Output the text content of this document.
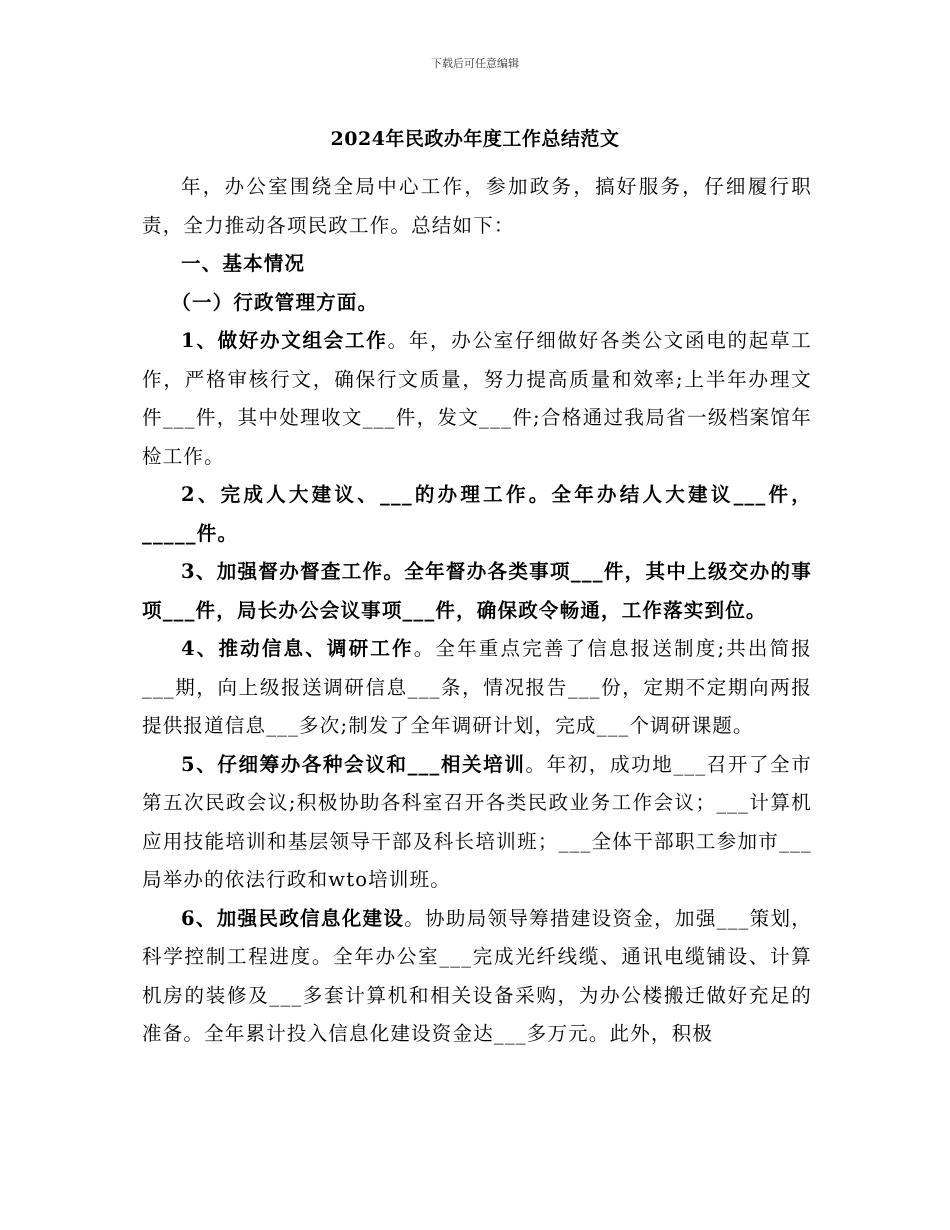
下载后可任意编辑
2024年民政办年度工作总结范文

年，办公室围绕全局中心工作，参加政务，搞好服务，仔细履行职责，全力推动各项民政工作。总结如下：

一、基本情况

（一）行政管理方面。

1、做好办文组会工作。年，办公室仔细做好各类公文函电的起草工作，严格审核行文，确保行文质量，努力提高质量和效率;上半年办理文件___件，其中处理收文___件，发文___件;合格通过我局省一级档案馆年检工作。

2、完成人大建议、___的办理工作。全年办结人大建议___件，_____件。

3、加强督办督查工作。全年督办各类事项___件，其中上级交办的事项___件，局长办公会议事项___件，确保政令畅通，工作落实到位。

4、推动信息、调研工作。全年重点完善了信息报送制度;共出简报___期，向上级报送调研信息___条，情况报告___份，定期不定期向两报提供报道信息___多次;制发了全年调研计划，完成___个调研课题。

5、仔细筹办各种会议和___相关培训。年初，成功地___召开了全市第五次民政会议;积极协助各科室召开各类民政业务工作会议；___计算机应用技能培训和基层领导干部及科长培训班；___全体干部职工参加市___局举办的依法行政和wto培训班。

6、加强民政信息化建设。协助局领导筹措建设资金，加强___策划，科学控制工程进度。全年办公室___完成光纤线缆、通讯电缆铺设、计算机房的装修及___多套计算机和相关设备采购，为办公楼搬迁做好充足的准备。全年累计投入信息化建设资金达___多万元。此外，积极
